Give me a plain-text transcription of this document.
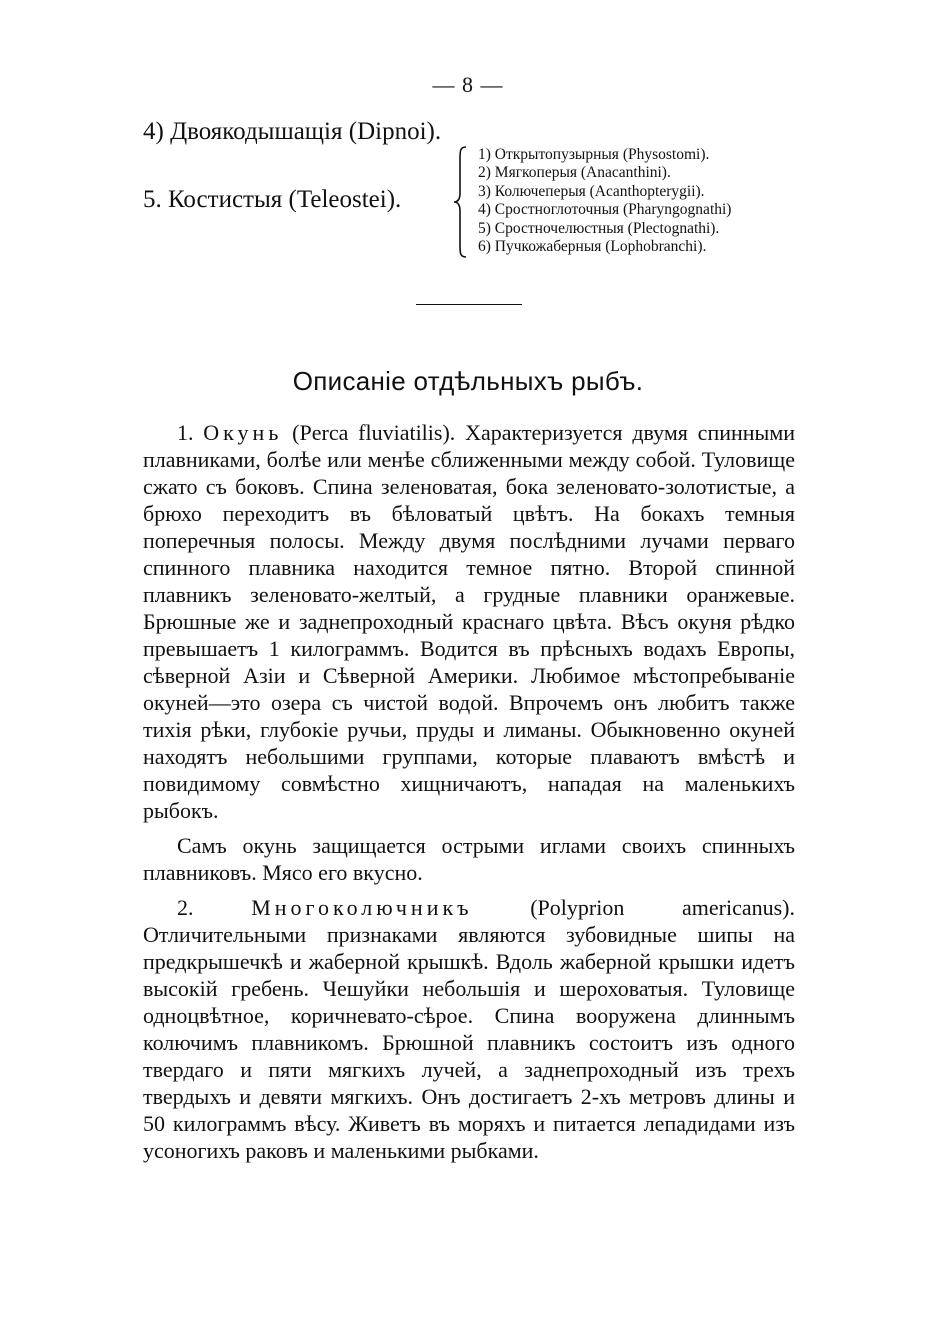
— 8 —
4) Двоякодышащія (Dipnoi).
5. Костистыя (Teleostei).
1) Открытопузырныя (Physostomi).
2) Мягкоперыя (Anacanthini).
3) Колючеперыя (Acanthopterygii).
4) Сростноглоточныя (Pharyngognathi)
5) Сростночелюстныя (Plectognathi).
6) Пучкожаберныя (Lophobranchi).
Описаніе отдѣльныхъ рыбъ.

1. Окунь (Perca fluviatilis). Характеризуется двумя спинными плавниками, болѣе или менѣе сближенными между собой. Туловище сжато съ боковъ. Спина зеленоватая, бока зеленовато-золотистые, а брюхо переходитъ въ бѣловатый цвѣтъ. На бокахъ темныя поперечныя полосы. Между двумя послѣдними лучами перваго спинного плавника находится темное пятно. Второй спинной плавникъ зеленовато-желтый, а грудные плавники оранжевые. Брюшные же и заднепроходный краснаго цвѣта. Вѣсъ окуня рѣдко превышаетъ 1 килограммъ. Водится въ прѣсныхъ водахъ Европы, сѣверной Азіи и Сѣверной Америки. Любимое мѣстопребываніе окуней—это озера съ чистой водой. Впрочемъ онъ любитъ также тихія рѣки, глубокіе ручьи, пруды и лиманы. Обыкновенно окуней находятъ небольшими группами, которые плаваютъ вмѣстѣ и повидимому совмѣстно хищничаютъ, нападая на маленькихъ рыбокъ.

Самъ окунь защищается острыми иглами своихъ спинныхъ плавниковъ. Мясо его вкусно.

2.	Многоколючникъ	(Polyprion americanus). Отличительными признаками являются зубовидные шипы на предкрышечкѣ и жаберной крышкѣ. Вдоль жаберной крышки идетъ высокій гребень. Чешуйки небольшія и шероховатыя. Туловище одноцвѣтное, коричневато-сѣрое. Спина вооружена длиннымъ колючимъ плавникомъ. Брюшной плавникъ состоитъ изъ одного твердаго и пяти мягкихъ лучей, а заднепроходный изъ трехъ твердыхъ и девяти мягкихъ. Онъ достигаетъ 2-хъ метровъ длины и 50 килограммъ вѣсу. Живетъ въ моряхъ и питается лепадидами изъ усоногихъ раковъ и маленькими рыбками.
